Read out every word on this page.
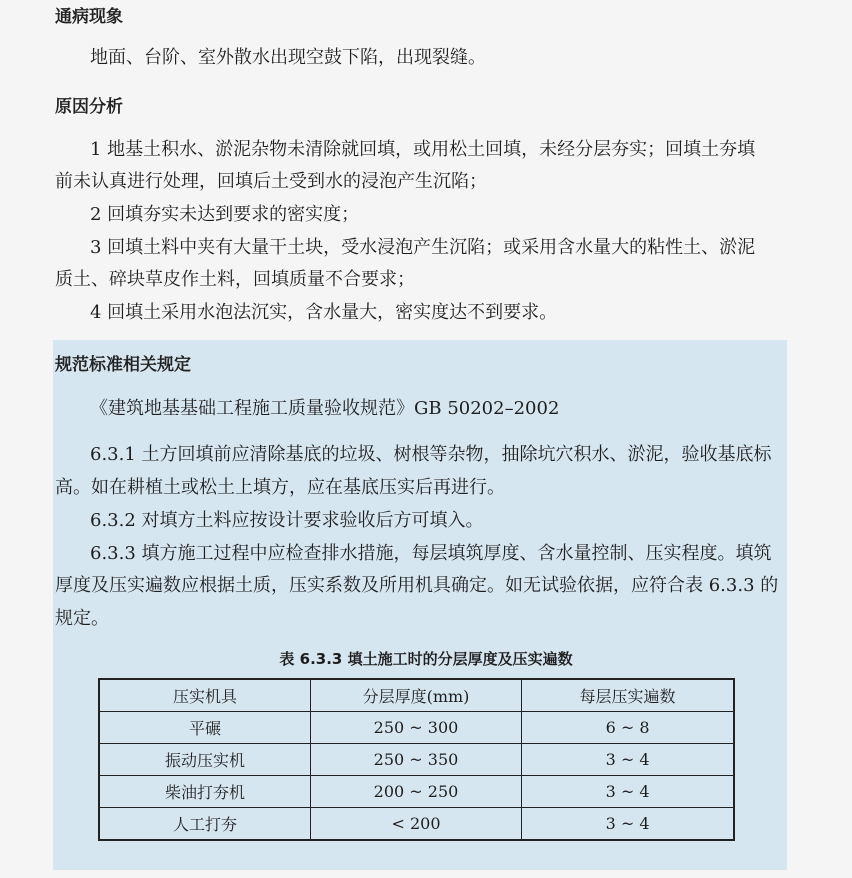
通病现象
地面、台阶、室外散水出现空鼓下陷，出现裂缝。
原因分析
1 地基土积水、淤泥杂物未清除就回填，或用松土回填，未经分层夯实；回填土夯填
前未认真进行处理，回填后土受到水的浸泡产生沉陷；
2 回填夯实未达到要求的密实度；
3 回填土料中夹有大量干土块，受水浸泡产生沉陷；或采用含水量大的粘性土、淤泥
质土、碎块草皮作土料，回填质量不合要求；
4 回填土采用水泡法沉实，含水量大，密实度达不到要求。
规范标准相关规定
《建筑地基基础工程施工质量验收规范》GB 50202–2002
6.3.1 土方回填前应清除基底的垃圾、树根等杂物，抽除坑穴积水、淤泥，验收基底标
高。如在耕植土或松土上填方，应在基底压实后再进行。
6.3.2 对填方土料应按设计要求验收后方可填入。
6.3.3 填方施工过程中应检查排水措施，每层填筑厚度、含水量控制、压实程度。填筑
厚度及压实遍数应根据土质，压实系数及所用机具确定。如无试验依据，应符合表 6.3.3 的
规定。
表 6.3.3 填土施工时的分层厚度及压实遍数
压实机具	分层厚度(mm)	每层压实遍数
平碾	250 ~ 300	6 ~ 8
振动压实机	250 ~ 350	3 ~ 4
柴油打夯机	200 ~ 250	3 ~ 4
人工打夯	< 200	3 ~ 4
